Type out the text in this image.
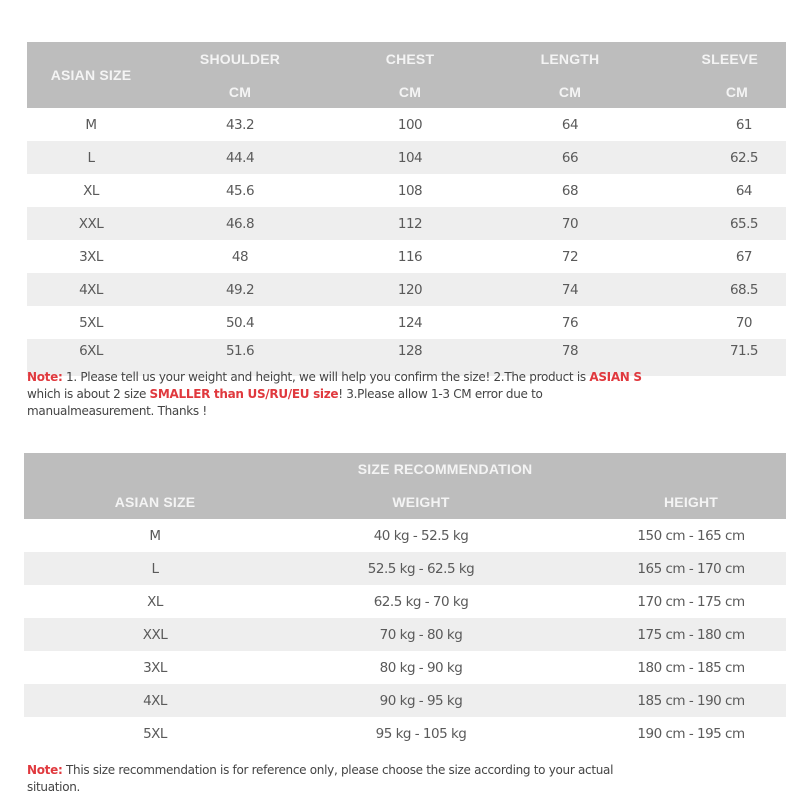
ASIAN SIZE	SHOULDER	CHEST	LENGTH	SLEEVE
	CM	CM	CM	CM
M	43.2	100	64	61
L	44.4	104	66	62.5
XL	45.6	108	68	64
XXL	46.8	112	70	65.5
3XL	48	116	72	67
4XL	49.2	120	74	68.5
5XL	50.4	124	76	70
6XL	51.6	128	78	71.5
Note: 1. Please tell us your weight and height, we will help you confirm the size! 2.The product is ASIAN S
which is about 2 size SMALLER than US/RU/EU size! 3.Please allow 1-3 CM error due to
manualmeasurement. Thanks !
SIZE RECOMMENDATION		
ASIAN SIZE	WEIGHT	HEIGHT
M	40 kg - 52.5 kg	150 cm - 165 cm
L	52.5 kg - 62.5 kg	165 cm - 170 cm
XL	62.5 kg - 70 kg	170 cm - 175 cm
XXL	70 kg - 80 kg	175 cm - 180 cm
3XL	80 kg - 90 kg	180 cm - 185 cm
4XL	90 kg - 95 kg	185 cm - 190 cm
5XL	95 kg - 105 kg	190 cm - 195 cm
Note: This size recommendation is for reference only, please choose the size according to your actual
situation.
